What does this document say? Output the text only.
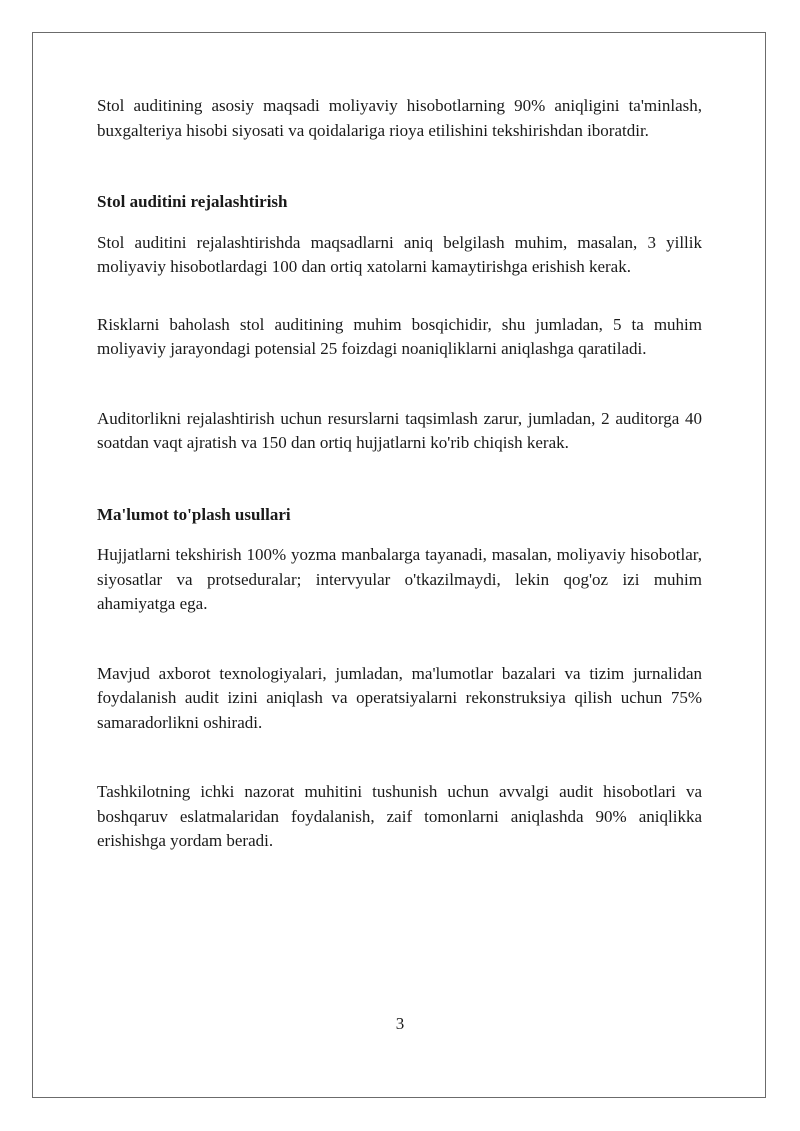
Stol auditining asosiy maqsadi moliyaviy hisobotlarning 90% aniqligini ta'minlash, buxgalteriya hisobi siyosati va qoidalariga rioya etilishini tekshirishdan iboratdir.

Stol auditini rejalashtirish

Stol auditini rejalashtirishda maqsadlarni aniq belgilash muhim, masalan, 3 yillik moliyaviy hisobotlardagi 100 dan ortiq xatolarni kamaytirishga erishish kerak.

Risklarni baholash stol auditining muhim bosqichidir, shu jumladan, 5 ta muhim moliyaviy jarayondagi potensial 25 foizdagi noaniqliklarni aniqlashga qaratiladi.

Auditorlikni rejalashtirish uchun resurslarni taqsimlash zarur, jumladan, 2 auditorga 40 soatdan vaqt ajratish va 150 dan ortiq hujjatlarni ko'rib chiqish kerak.

Ma'lumot to'plash usullari

Hujjatlarni tekshirish 100% yozma manbalarga tayanadi, masalan, moliyaviy hisobotlar, siyosatlar va protseduralar; intervyular o'tkazilmaydi, lekin qog'oz izi muhim ahamiyatga ega.

Mavjud axborot texnologiyalari, jumladan, ma'lumotlar bazalari va tizim jurnalidan foydalanish audit izini aniqlash va operatsiyalarni rekonstruksiya qilish uchun 75% samaradorlikni oshiradi.

Tashkilotning ichki nazorat muhitini tushunish uchun avvalgi audit hisobotlari va boshqaruv eslatmalaridan foydalanish, zaif tomonlarni aniqlashda 90% aniqlikka erishishga yordam beradi.

3
